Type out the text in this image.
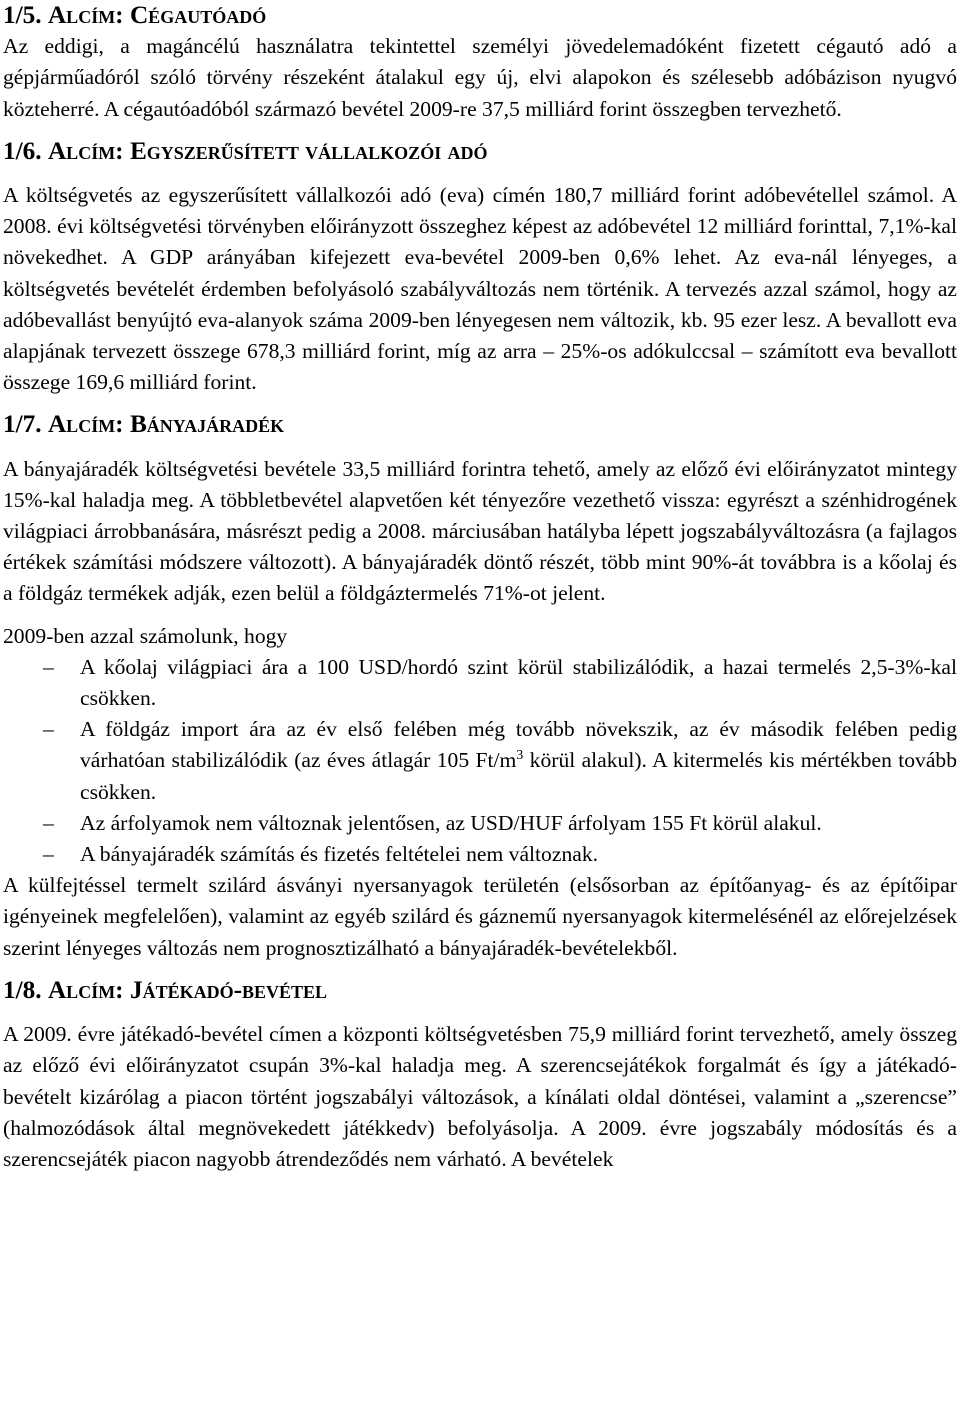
1/5. Alcím: Cégautóadó

Az eddigi, a magáncélú használatra tekintettel személyi jövedelemadóként fizetett cégautó adó a gépjárműadóról szóló törvény részeként átalakul egy új, elvi alapokon és szélesebb adóbázison nyugvó közteherré. A cégautóadóból származó bevétel 2009-re 37,5 milliárd forint összegben tervezhető.

1/6. Alcím: Egyszerűsített vállalkozói adó

A költségvetés az egyszerűsített vállalkozói adó (eva) címén 180,7 milliárd forint adóbevétellel számol. A 2008. évi költségvetési törvényben előirányzott összeghez képest az adóbevétel 12 milliárd forinttal, 7,1%-kal növekedhet. A GDP arányában kifejezett eva-bevétel 2009-ben 0,6% lehet. Az eva-nál lényeges, a költségvetés bevételét érdemben befolyásoló szabályváltozás nem történik. A tervezés azzal számol, hogy az adóbevallást benyújtó eva-alanyok száma 2009-ben lényegesen nem változik, kb. 95 ezer lesz. A bevallott eva alapjának tervezett összege 678,3 milliárd forint, míg az arra – 25%-os adókulccsal – számított eva bevallott összege 169,6 milliárd forint.

1/7. Alcím: Bányajáradék

A bányajáradék költségvetési bevétele 33,5 milliárd forintra tehető, amely az előző évi előirányzatot mintegy 15%-kal haladja meg. A többletbevétel alapvetően két tényezőre vezethető vissza: egyrészt a szénhidrogének világpiaci árrobbanására, másrészt pedig a 2008. márciusában hatályba lépett jogszabályváltozásra (a fajlagos értékek számítási módszere változott). A bányajáradék döntő részét, több mint 90%-át továbbra is a kőolaj és a földgáz termékek adják, ezen belül a földgáztermelés 71%-ot jelent.

2009-ben azzal számolunk, hogy

– A kőolaj világpiaci ára a 100 USD/hordó szint körül stabilizálódik, a hazai termelés 2,5-3%-kal csökken.
– A földgáz import ára az év első felében még tovább növekszik, az év második felében pedig várhatóan stabilizálódik (az éves átlagár 105 $Ft/m^3$ körül alakul). A kitermelés kis mértékben tovább csökken.
– Az árfolyamok nem változnak jelentősen, az USD/HUF árfolyam 155 Ft körül alakul.
– A bányajáradék számítás és fizetés feltételei nem változnak.

A külfejtéssel termelt szilárd ásványi nyersanyagok területén (elsősorban az építőanyag- és az építőipar igényeinek megfelelően), valamint az egyéb szilárd és gáznemű nyersanyagok kitermelésénél az előrejelzések szerint lényeges változás nem prognosztizálható a bányajáradék-bevételekből.

1/8. Alcím: Játékadó-bevétel

A 2009. évre játékadó-bevétel címen a központi költségvetésben 75,9 milliárd forint tervezhető, amely összeg az előző évi előirányzatot csupán 3%-kal haladja meg. A szerencsejátékok forgalmát és így a játékadó-bevételt kizárólag a piacon történt jogszabályi változások, a kínálati oldal döntései, valamint a „szerencse” (halmozódások által megnövekedett játékkedv) befolyásolja. A 2009. évre jogszabály módosítás és a szerencsejáték piacon nagyobb átrendeződés nem várható. A bevételek
